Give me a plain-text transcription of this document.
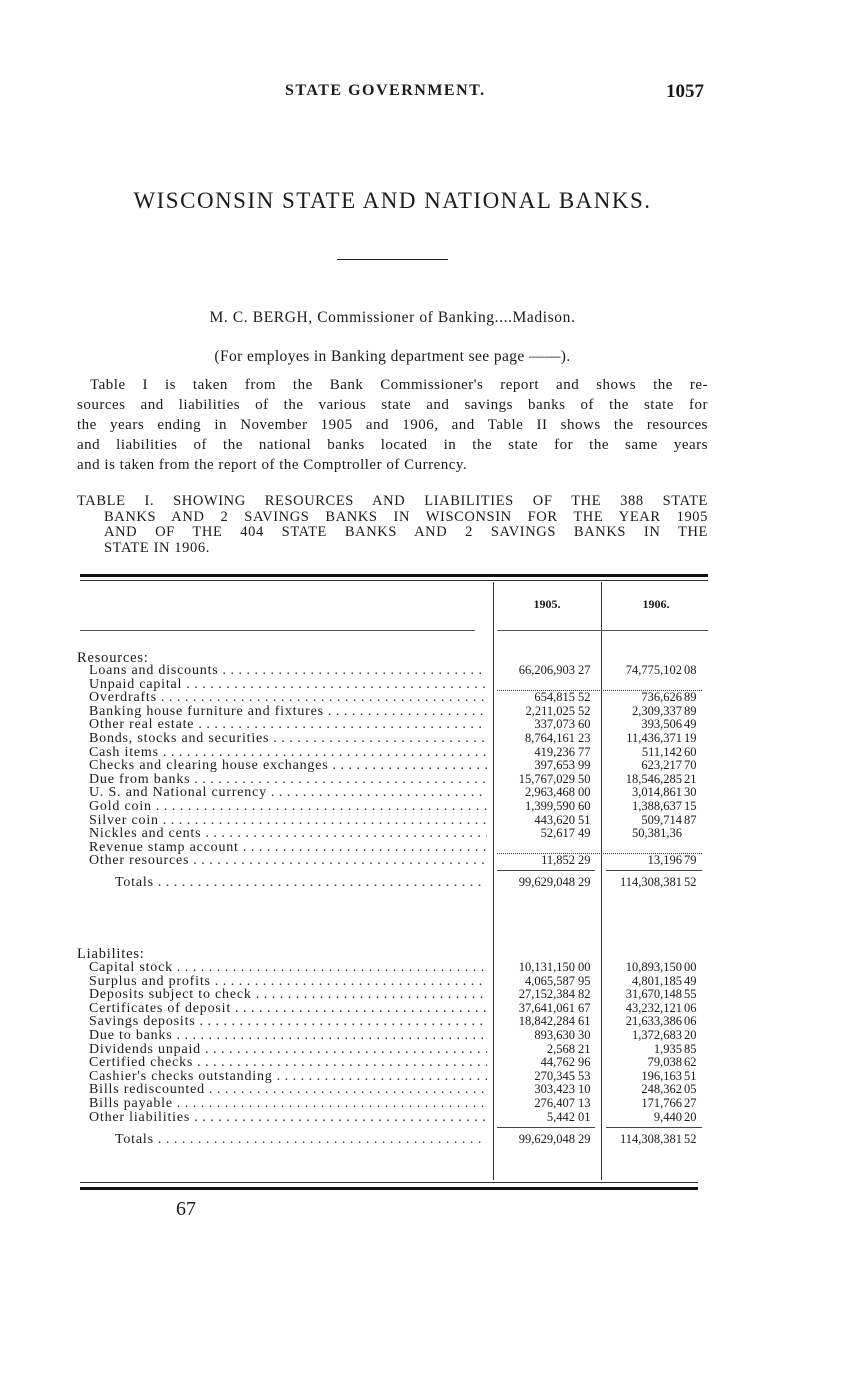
STATE GOVERNMENT.	1057
WISCONSIN STATE AND NATIONAL BANKS.
M. C. BERGH, Commissioner of Banking....Madison.
(For employes in Banking department see page ——).
Table I is taken from the Bank Commissioner's report and shows the re-
sources and liabilities of the various state and savings banks of the state for
the years ending in November 1905 and 1906, and Table II shows the resources
and liabilities of the national banks located in the state for the same years
and is taken from the report of the Comptroller of Currency.
TABLE I. SHOWING RESOURCES AND LIABILITIES OF THE 388 STATE
BANKS AND 2 SAVINGS BANKS IN WISCONSIN FOR THE YEAR 1905
AND OF THE 404 STATE BANKS AND 2 SAVINGS BANKS IN THE
STATE IN 1906.
1905.	1906.
Resources:
Loans and discounts . . .	66,206,903 27	74,775,102 08
Unpaid capital . . .
Overdrafts . . .	654,815 52	736,626 89
Banking house furniture and fixtures . . .	2,211,025 52	2,309,337 89
Other real estate . . .	337,073 60	393,506 49
Bonds, stocks and securities . . .	8,764,161 23	11,436,371 19
Cash items . . .	419,236 77	511,142 60
Checks and clearing house exchanges . . .	397,653 99	623,217 70
Due from banks . . .	15,767,029 50	18,546,285 21
U. S. and National currency . . .	2,963,468 00	3,014,861 30
Gold coin . . .	1,399,590 60	1,388,637 15
Silver coin . . .	443,620 51	509,714 87
Nickles and cents . . .	52,617 49	50,381,36
Revenue stamp account . . .
Other resources . . .	11,852 29	13,196 79
Totals . . .	99,629,048 29	114,308,381 52
Liabilites:
Capital stock . . .	10,131,150 00	10,893,150 00
Surplus and profits . . .	4,065,587 95	4,801,185 49
Deposits subject to check . . .	27,152,384 82	31,670,148 55
Certificates of deposit . . .	37,641,061 67	43,232,121 06
Savings deposits . . .	18,842,284 61	21,633,386 06
Due to banks . . .	893,630 30	1,372,683 20
Dividends unpaid . . .	2,568 21	1,935 85
Certified checks . . .	44,762 96	79,038 62
Cashier's checks outstanding . . .	270,345 53	196,163 51
Bills rediscounted . . .	303,423 10	248,362 05
Bills payable . . .	276,407 13	171,766 27
Other liabilities . . .	5,442 01	9,440 20
Totals . . .	99,629,048 29	114,308,381 52
67
